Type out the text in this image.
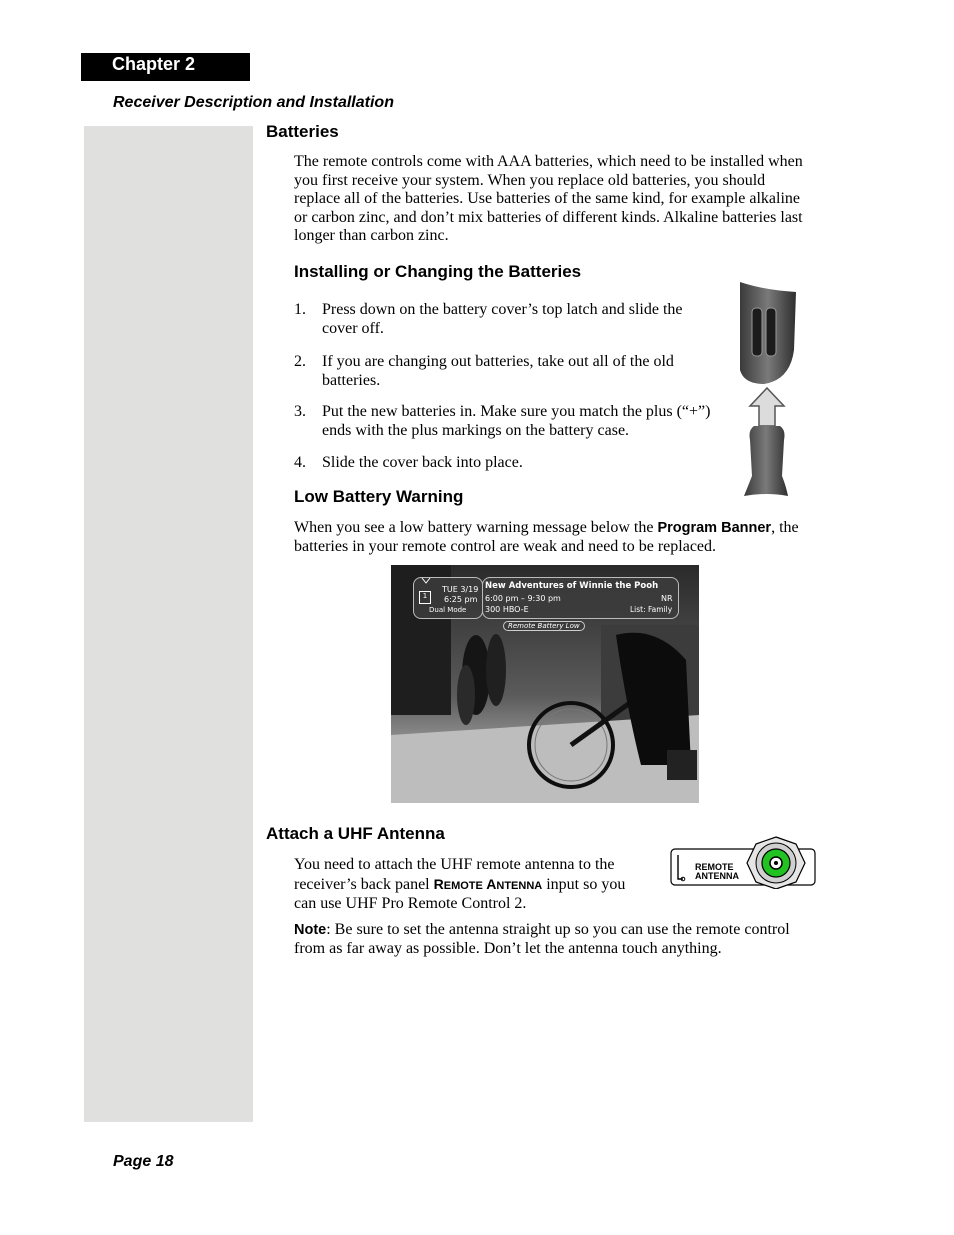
Chapter 2
Receiver Description and Installation
Batteries

The remote controls come with AAA batteries, which need to be installed when you first receive your system. When you replace old batteries, you should replace all of the batteries. Use batteries of the same kind, for example alkaline or carbon zinc, and don’t mix batteries of different kinds. Alkaline batteries last longer than carbon zinc.

Installing or Changing the Batteries
1. Press down on the battery cover’s top latch and slide the cover off.
2. If you are changing out batteries, take out all of the old batteries.
3. Put the new batteries in. Make sure you match the plus (“+”) ends with the plus markings on the battery case.
4. Slide the cover back into place.
Low Battery Warning

When you see a low battery warning message below the Program Banner, the batteries in your remote control are weak and need to be replaced.

TUE 3/19
6:25 pm
1
Dual Mode
New Adventures of Winnie the Pooh
6:00 pm – 9:30 pm	NR
300 HBO-E	List: Family
Remote Battery Low
Attach a UHF Antenna

You need to attach the UHF remote antenna to the receiver’s back panel REMOTE ANTENNA input so you can use UHF Pro Remote Control 2.

REMOTE
ANTENNA

Note: Be sure to set the antenna straight up so you can use the remote control from as far away as possible. Don’t let the antenna touch anything.

Page 18
